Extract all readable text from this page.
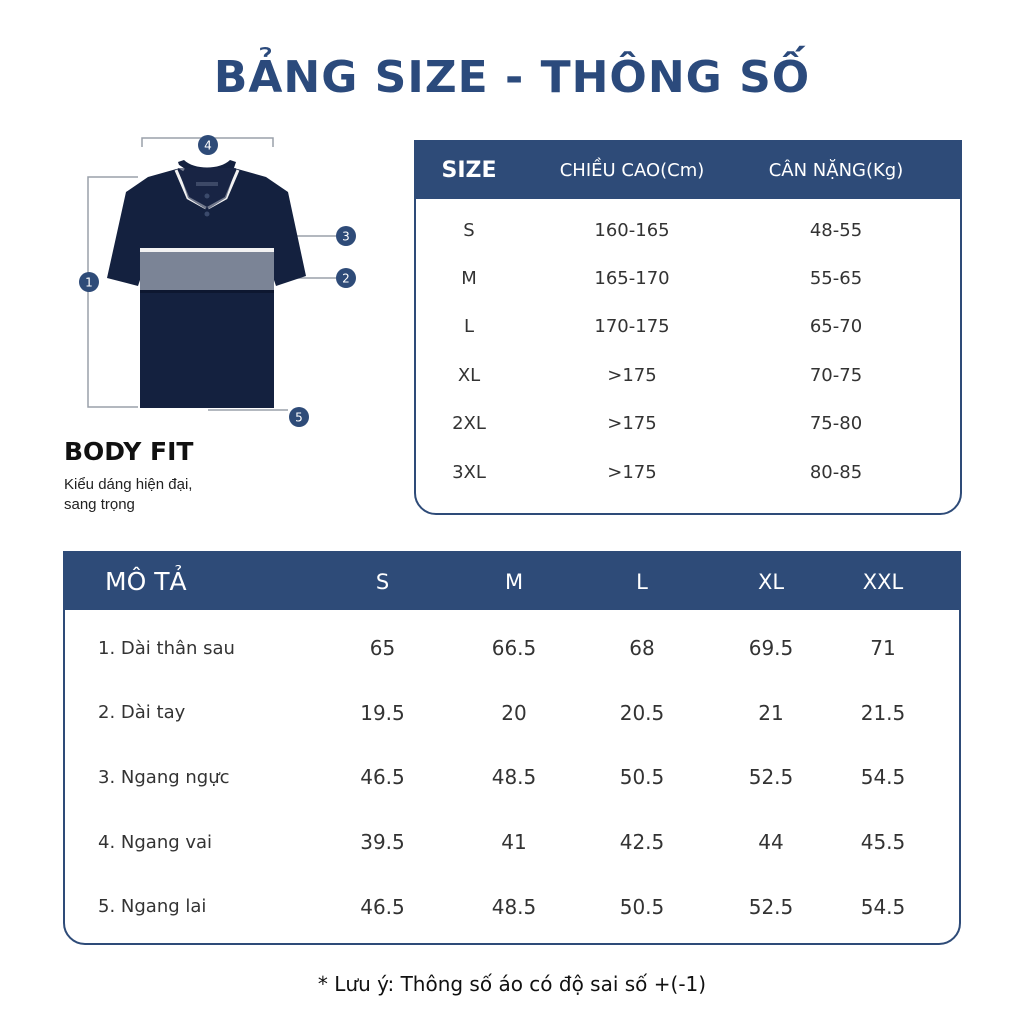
BẢNG SIZE - THÔNG SỐ
1	2
3
4
5
BODY FIT
Kiểu dáng hiện đại,
sang trọng
SIZE	CHIỀU CAO(Cm)	CÂN NẶNG(Kg)
S	160-165	48-55
M	165-170	55-65
L	170-175	65-70
XL	>175	70-75
2XL	>175	75-80
3XL	>175	80-85
MÔ TẢ	S	M	L	XL	XXL
1. Dài thân sau	65	66.5	68	69.5	71
2. Dài tay	19.5	20	20.5	21	21.5
3. Ngang ngực	46.5	48.5	50.5	52.5	54.5
4. Ngang vai	39.5	41	42.5	44	45.5
5. Ngang lai	46.5	48.5	50.5	52.5	54.5
* Lưu ý: Thông số áo có độ sai số +(-1)
